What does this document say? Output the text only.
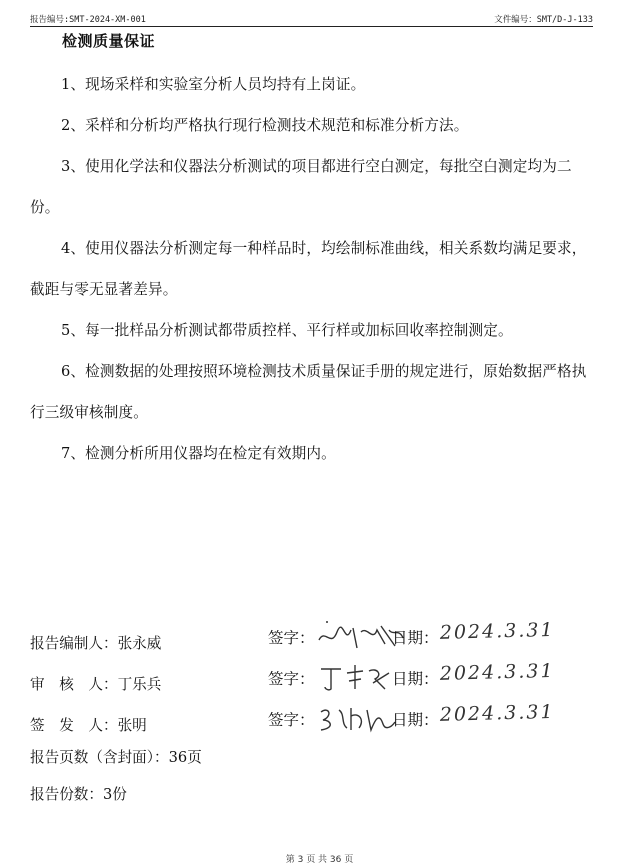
报告编号:SMT-2024-XM-001	文件编号：SMT/D-J-133
检测质量保证

1、现场采样和实验室分析人员均持有上岗证。

2、采样和分析均严格执行现行检测技术规范和标准分析方法。

3、使用化学法和仪器法分析测试的项目都进行空白测定，每批空白测定均为二份。

4、使用仪器法分析测定每一种样品时，均绘制标准曲线，相关系数均满足要求，截距与零无显著差异。

5、每一批样品分析测试都带质控样、平行样或加标回收率控制测定。

6、检测数据的处理按照环境检测技术质量保证手册的规定进行，原始数据严格执行三级审核制度。

7、检测分析所用仪器均在检定有效期内。

报告编制人：张永威	签字：	日期： 2024.3.31
审　核　人：丁乐兵	签字：	日期： 2024.3.31
签　发　人：张明	签字：	日期： 2024.3.31
报告页数（含封面）：36页
报告份数：3份
第 3 页 共 36 页
